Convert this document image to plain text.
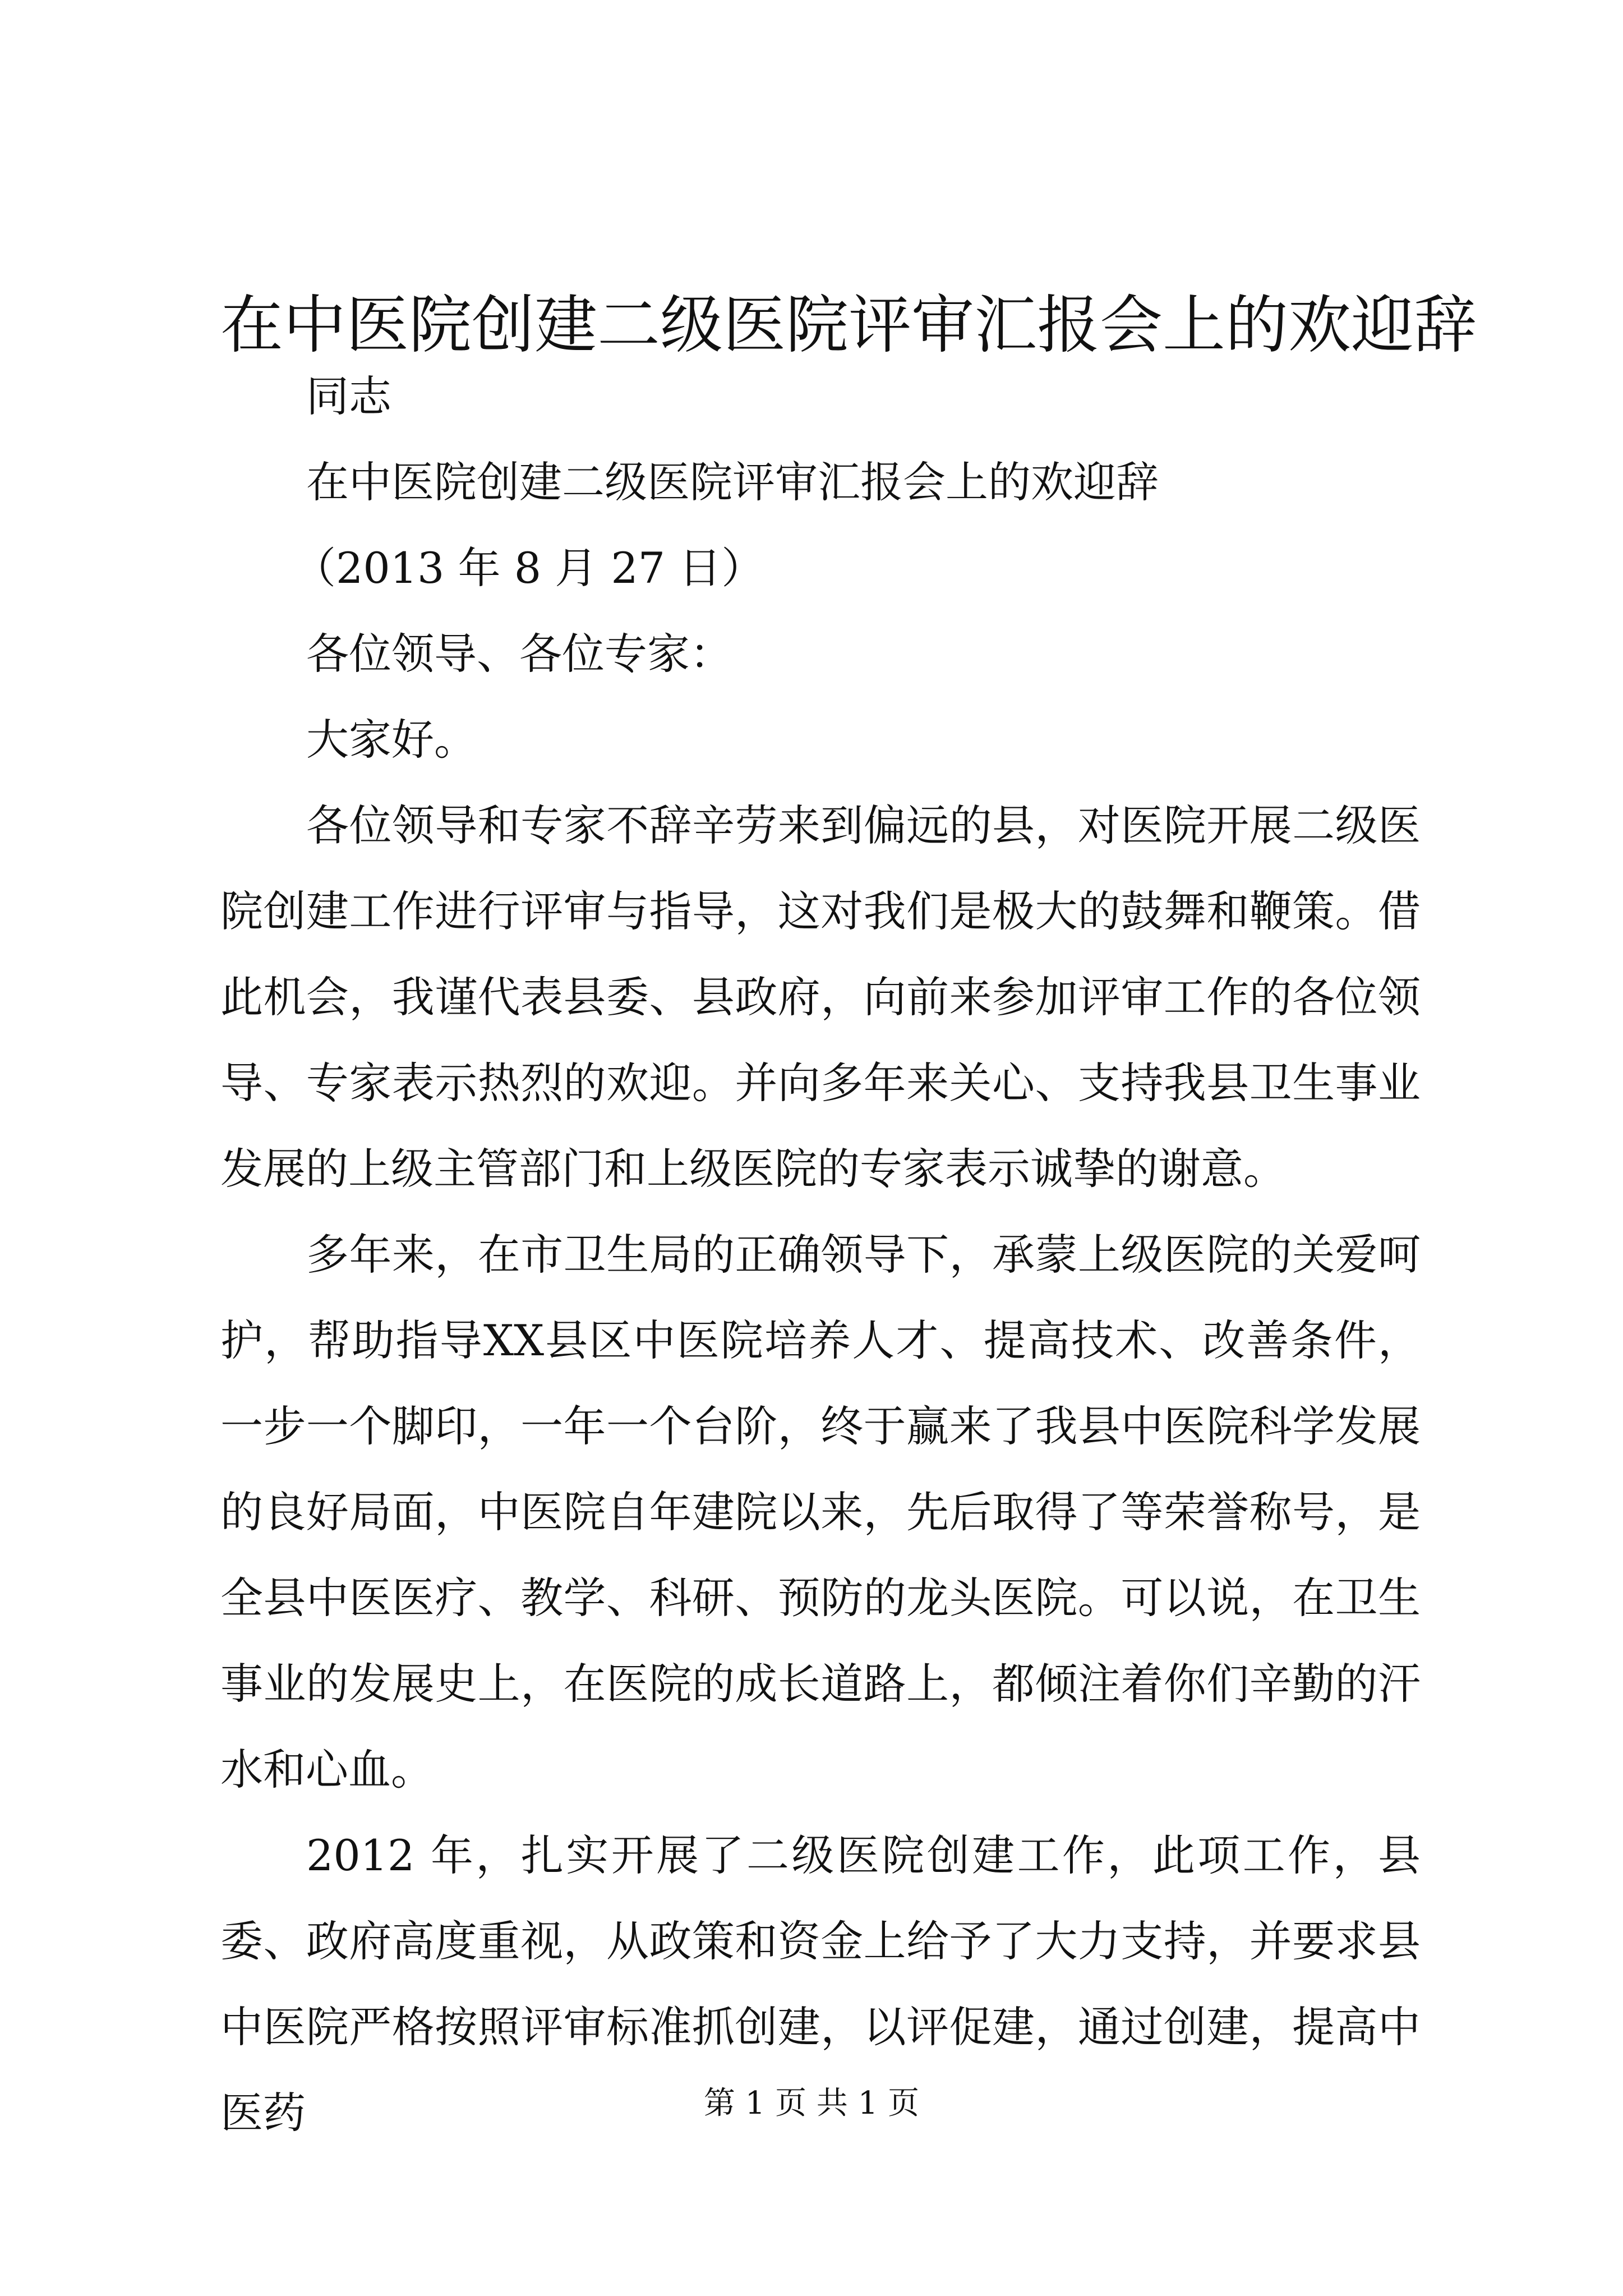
在中医院创建二级医院评审汇报会上的欢迎辞

同志

在中医院创建二级医院评审汇报会上的欢迎辞

（2013 年 8 月 27 日）

各位领导、各位专家：

大家好。

各位领导和专家不辞辛劳来到偏远的县，对医院开展二级医院创建工作进行评审与指导，这对我们是极大的鼓舞和鞭策。借此机会，我谨代表县委、县政府，向前来参加评审工作的各位领导、专家表示热烈的欢迎。并向多年来关心、支持我县卫生事业发展的上级主管部门和上级医院的专家表示诚挚的谢意。

多年来，在市卫生局的正确领导下，承蒙上级医院的关爱呵护，帮助指导XX县区中医院培养人才、提高技术、改善条件，一步一个脚印，一年一个台阶，终于赢来了我县中医院科学发展的良好局面，中医院自年建院以来，先后取得了等荣誉称号，是全县中医医疗、教学、科研、预防的龙头医院。可以说，在卫生事业的发展史上，在医院的成长道路上，都倾注着你们辛勤的汗水和心血。

2012 年，扎实开展了二级医院创建工作，此项工作，县委、政府高度重视，从政策和资金上给予了大力支持，并要求县中医院严格按照评审标准抓创建，以评促建，通过创建，提高中医药	第 1 页 共 1 页
